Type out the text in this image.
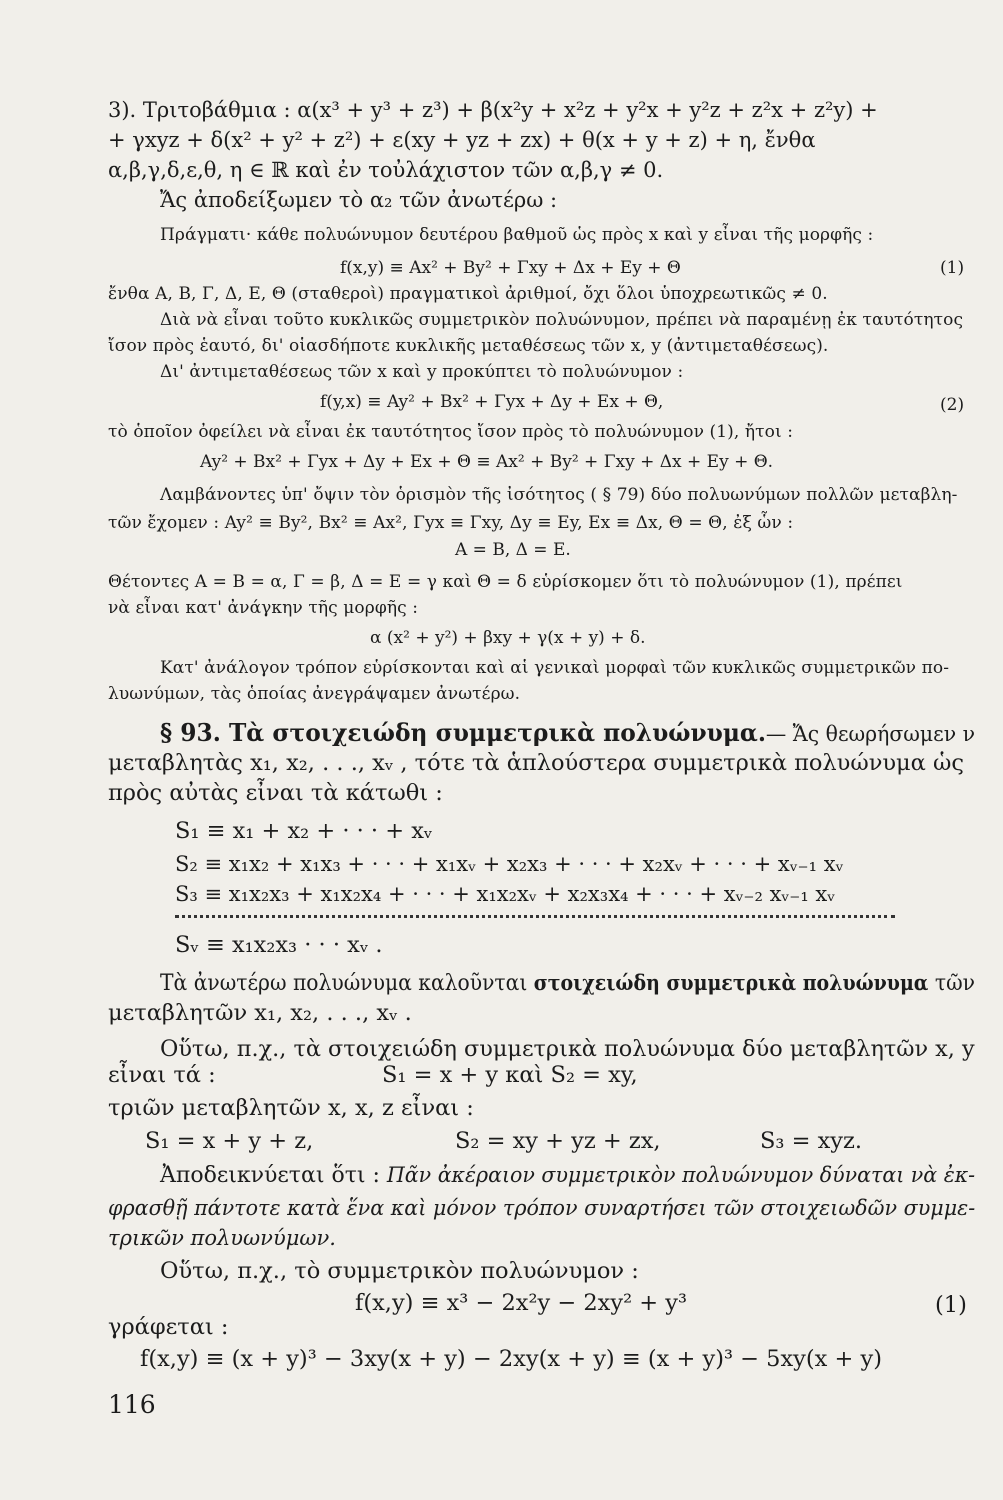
3). Τριτοβάθμια : α(x³ + y³ + z³) + β(x²y + x²z + y²x + y²z + z²x + z²y) +
+ γxyz + δ(x² + y² + z²) + ε(xy + yz + zx) + θ(x + y + z) + η, ἔνθα
α,β,γ,δ,ε,θ, η ∈ ℝ καὶ ἐν τοὐλάχιστον τῶν α,β,γ ≠ 0.
Ἄς ἀποδείξωμεν τὸ α₂ τῶν ἀνωτέρω :
Πράγματι· κάθε πολυώνυμον δευτέρου βαθμοῦ ὡς πρὸς x καὶ y εἶναι τῆς μορφῆς :
f(x,y) ≡ Ax² + By² + Γxy + Δx + Ey + Θ	(1)
ἔνθα A, B, Γ, Δ, E, Θ (σταθεροὶ) πραγματικοὶ ἀριθμοί, ὄχι ὅλοι ὑποχρεωτικῶς ≠ 0.
Διὰ νὰ εἶναι τοῦτο κυκλικῶς συμμετρικὸν πολυώνυμον, πρέπει νὰ παραμένῃ ἐκ ταυτότητος
ἴσον πρὸς ἑαυτό, δι' οἱασδήποτε κυκλικῆς μεταθέσεως τῶν x, y (ἀντιμεταθέσεως).
Δι' ἀντιμεταθέσεως τῶν x καὶ y προκύπτει τὸ πολυώνυμον :
f(y,x) ≡ Ay² + Bx² + Γyx + Δy + Ex + Θ,	(2)
τὸ ὁποῖον ὀφείλει νὰ εἶναι ἐκ ταυτότητος ἴσον πρὸς τὸ πολυώνυμον (1), ἤτοι :
Ay² + Bx² + Γyx + Δy + Ex + Θ ≡ Ax² + By² + Γxy + Δx + Ey + Θ.
Λαμβάνοντες ὑπ' ὄψιν τὸν ὁρισμὸν τῆς ἰσότητος ( § 79) δύο πολυωνύμων πολλῶν μεταβλη-
τῶν ἔχομεν : Ay² ≡ By², Bx² ≡ Ax², Γyx ≡ Γxy, Δy ≡ Ey, Ex ≡ Δx, Θ = Θ, ἐξ ὧν :
A = B, Δ = E.
Θέτοντες A = B = α, Γ = β, Δ = E = γ καὶ Θ = δ εὑρίσκομεν ὅτι τὸ πολυώνυμον (1), πρέπει
νὰ εἶναι κατ' ἀνάγκην τῆς μορφῆς :
α (x² + y²) + βxy + γ(x + y) + δ.
Κατ' ἀνάλογον τρόπον εὑρίσκονται καὶ αἱ γενικαὶ μορφαὶ τῶν κυκλικῶς συμμετρικῶν πο-
λυωνύμων, τὰς ὁποίας ἀνεγράψαμεν ἀνωτέρω.
§ 93. Τὰ στοιχειώδη συμμετρικὰ πολυώνυμα.— Ἄς θεωρήσωμεν ν
μεταβλητὰς x₁, x₂, . . ., xᵥ , τότε τὰ ἁπλούστερα συμμετρικὰ πολυώνυμα ὡς
πρὸς αὐτὰς εἶναι τὰ κάτωθι :
S₁ ≡ x₁ + x₂ + · · · + xᵥ
S₂ ≡ x₁x₂ + x₁x₃ + · · · + x₁xᵥ + x₂x₃ + · · · + x₂xᵥ + · · · + xᵥ₋₁ xᵥ
S₃ ≡ x₁x₂x₃ + x₁x₂x₄ + · · · + x₁x₂xᵥ + x₂x₃x₄ + · · · + xᵥ₋₂ xᵥ₋₁ xᵥ
Sᵥ ≡ x₁x₂x₃ · · · xᵥ .
Τὰ ἀνωτέρω πολυώνυμα καλοῦνται στοιχειώδη συμμετρικὰ πολυώνυμα τῶν
μεταβλητῶν x₁, x₂, . . ., xᵥ .
Οὕτω, π.χ., τὰ στοιχειώδη συμμετρικὰ πολυώνυμα δύο μεταβλητῶν x, y
εἶναι τά :	S₁ = x + y καὶ S₂ = xy,
τριῶν μεταβλητῶν x, x, z εἶναι :
S₁ = x + y + z,	S₂ = xy + yz + zx,	S₃ = xyz.
Ἀποδεικνύεται ὅτι : Πᾶν ἀκέραιον συμμετρικὸν πολυώνυμον δύναται νὰ ἐκ-
φρασθῇ πάντοτε κατὰ ἕνα καὶ μόνον τρόπον συναρτήσει τῶν στοιχειωδῶν συμμε-
τρικῶν πολυωνύμων.
Οὕτω, π.χ., τὸ συμμετρικὸν πολυώνυμον :
f(x,y) ≡ x³ − 2x²y − 2xy² + y³	(1)
γράφεται :
f(x,y) ≡ (x + y)³ − 3xy(x + y) − 2xy(x + y) ≡ (x + y)³ − 5xy(x + y)
116
